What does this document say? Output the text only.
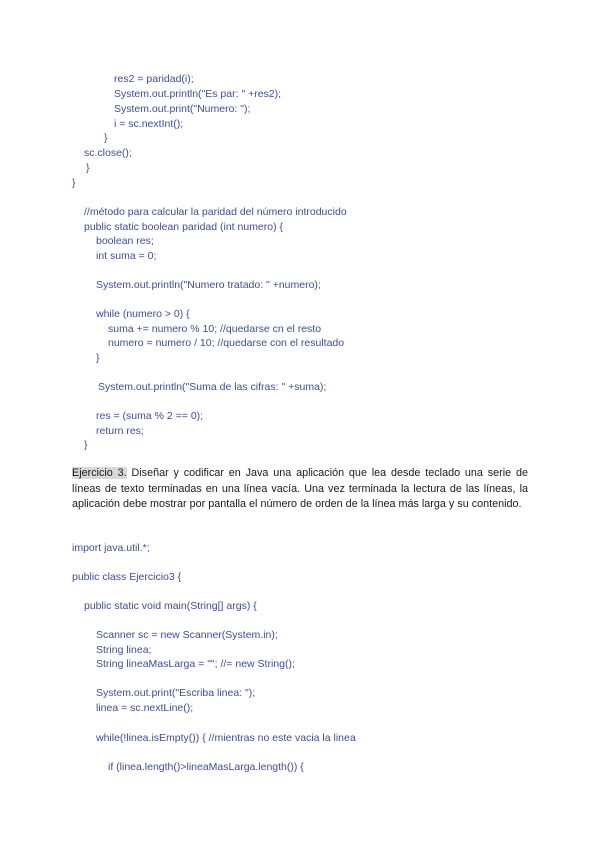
res2 = paridad(i);
System.out.println("Es par: " +res2);
System.out.print("Numero: ");
i = sc.nextInt();
}
sc.close();
}
}
//método para calcular la paridad del número introducido
public static boolean paridad (int numero) {
boolean res;
int suma = 0;
System.out.println("Numero tratado: " +numero);
while (numero > 0) {
suma += numero % 10; //quedarse cn el resto
numero = numero / 10; //quedarse con el resultado
}
System.out.println("Suma de las cifras: " +suma);
res = (suma % 2 == 0);
return res;
}
Ejercicio 3. Diseñar y codificar en Java una aplicación que lea desde teclado una serie de líneas de texto terminadas en una línea vacía. Una vez terminada la lectura de las líneas, la aplicación debe mostrar por pantalla el número de orden de la línea más larga y su contenido.
import java.util.*;
public class Ejercicio3 {
public static void main(String[] args) {
Scanner sc = new Scanner(System.in);
String linea;
String lineaMasLarga = ""; //= new String();
System.out.print("Escriba linea: ");
linea = sc.nextLine();
while(!linea.isEmpty()) { //mientras no este vacia la linea
if (linea.length()>lineaMasLarga.length()) {
